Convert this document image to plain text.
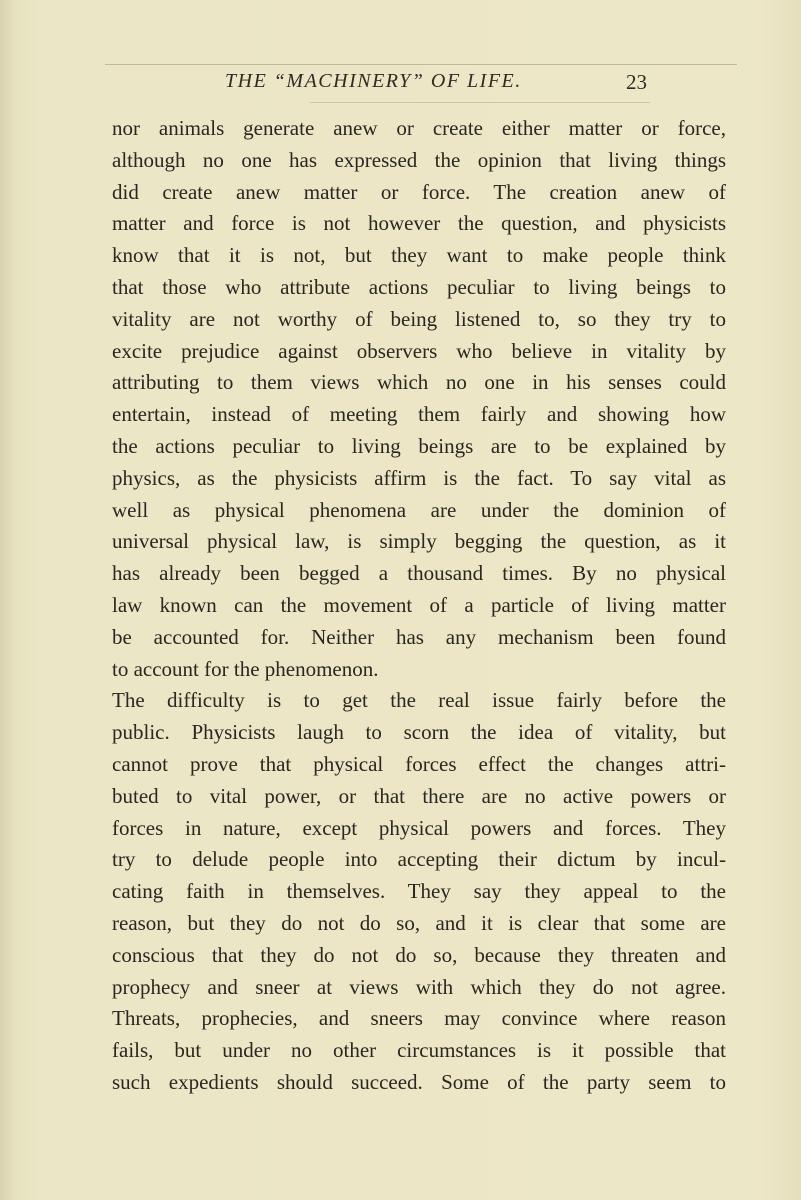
THE “MACHINERY” OF LIFE.	23
nor animals generate anew or create either matter or force,
although no one has expressed the opinion that living things
did create anew matter or force. The creation anew of
matter and force is not however the question, and physicists
know that it is not, but they want to make people think
that those who attribute actions peculiar to living beings to
vitality are not worthy of being listened to, so they try to
excite prejudice against observers who believe in vitality by
attributing to them views which no one in his senses could
entertain, instead of meeting them fairly and showing how
the actions peculiar to living beings are to be explained by
physics, as the physicists affirm is the fact. To say vital as
well as physical phenomena are under the dominion of
universal physical law, is simply begging the question, as it
has already been begged a thousand times. By no physical
law known can the movement of a particle of living matter
be accounted for. Neither has any mechanism been found
to account for the phenomenon.
The difficulty is to get the real issue fairly before the
public. Physicists laugh to scorn the idea of vitality, but
cannot prove that physical forces effect the changes attri-
buted to vital power, or that there are no active powers or
forces in nature, except physical powers and forces. They
try to delude people into accepting their dictum by incul-
cating faith in themselves. They say they appeal to the
reason, but they do not do so, and it is clear that some are
conscious that they do not do so, because they threaten and
prophecy and sneer at views with which they do not agree.
Threats, prophecies, and sneers may convince where reason
fails, but under no other circumstances is it possible that
such expedients should succeed. Some of the party seem to
